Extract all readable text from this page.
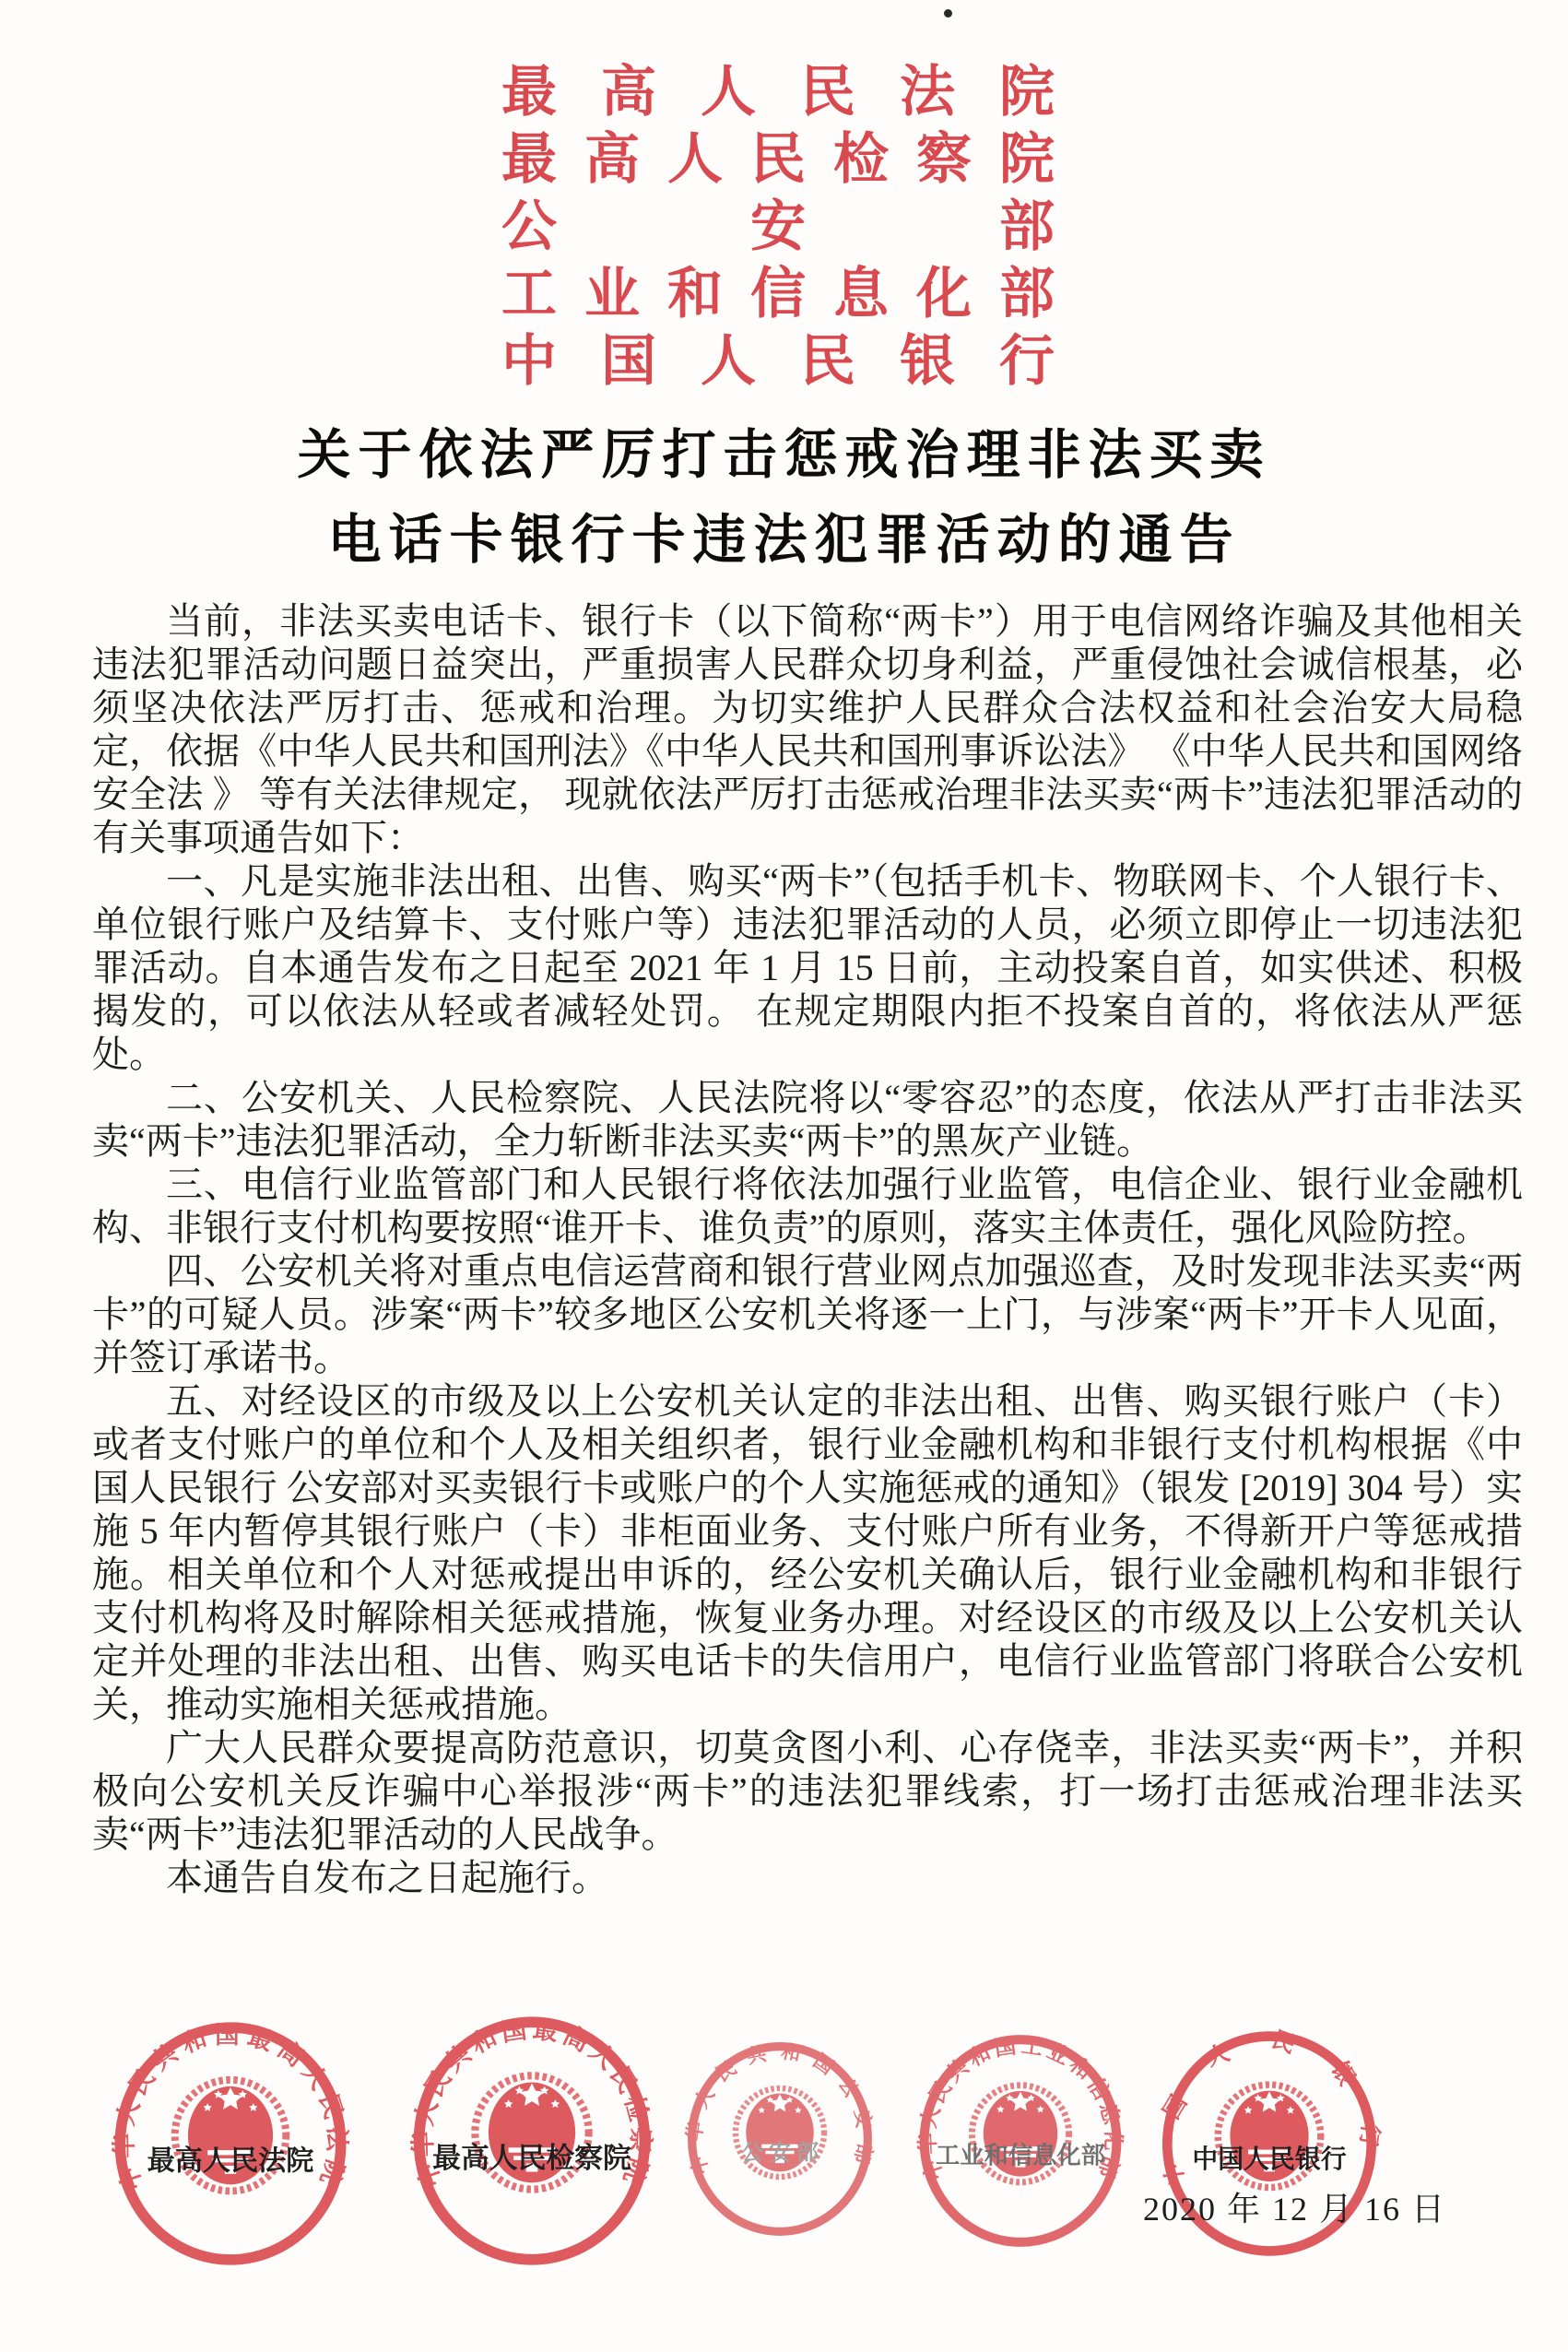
最 高 人 民 法 院
最 高 人 民 检 察 院
公	安	部
工 业 和 信 息 化 部
中 国 人 民 银 行
关于依法严厉打击惩戒治理非法买卖
电话卡银行卡违法犯罪活动的通告

当前，非法买卖电话卡、银行卡（以下简称“两卡”）用于电信网络诈骗及其他相关违法犯罪活动问题日益突出，严重损害人民群众切身利益，严重侵蚀社会诚信根基，必须坚决依法严厉打击、惩戒和治理。为切实维护人民群众合法权益和社会治安大局稳定，依据《中华人民共和国刑法》《中华人民共和国刑事诉讼法》 《中华人民共和国网络安全法 》 等有关法律规定， 现就依法严厉打击惩戒治理非法买卖“两卡”违法犯罪活动的有关事项通告如下：

一、凡是实施非法出租、出售、购买“两卡”（包括手机卡、物联网卡、个人银行卡、单位银行账户及结算卡、支付账户等）违法犯罪活动的人员，必须立即停止一切违法犯罪活动。自本通告发布之日起至 2021 年 1 月 15 日前，主动投案自首，如实供述、积极揭发的，可以依法从轻或者减轻处罚。 在规定期限内拒不投案自首的，将依法从严惩处。

二、公安机关、人民检察院、人民法院将以“零容忍”的态度，依法从严打击非法买卖“两卡”违法犯罪活动，全力斩断非法买卖“两卡”的黑灰产业链。

三、电信行业监管部门和人民银行将依法加强行业监管，电信企业、银行业金融机构、非银行支付机构要按照“谁开卡、谁负责”的原则，落实主体责任，强化风险防控。

四、公安机关将对重点电信运营商和银行营业网点加强巡查，及时发现非法买卖“两卡”的可疑人员。涉案“两卡”较多地区公安机关将逐一上门，与涉案“两卡”开卡人见面，并签订承诺书。

五、对经设区的市级及以上公安机关认定的非法出租、出售、购买银行账户（卡）或者支付账户的单位和个人及相关组织者，银行业金融机构和非银行支付机构根据《中国人民银行 公安部对买卖银行卡或账户的个人实施惩戒的通知》（银发 [2019] 304 号）实施 5 年内暂停其银行账户（卡）非柜面业务、支付账户所有业务，不得新开户等惩戒措施。相关单位和个人对惩戒提出申诉的，经公安机关确认后，银行业金融机构和非银行支付机构将及时解除相关惩戒措施，恢复业务办理。对经设区的市级及以上公安机关认定并处理的非法出租、出售、购买电话卡的失信用户，电信行业监管部门将联合公安机关，推动实施相关惩戒措施。

广大人民群众要提高防范意识，切莫贪图小利、心存侥幸，非法买卖“两卡”，并积极向公安机关反诈骗中心举报涉“两卡”的违法犯罪线索，打一场打击惩戒治理非法买卖“两卡”违法犯罪活动的人民战争。

本通告自发布之日起施行。

中华人民共和国最高人民法院
最高人民法院	中华人民共和国最高人民检察院
最高人民检察院 中华人民共和国公安部
公 安 部	中华人民共和国工业和信息化部
工业和信息化部 中国人民银行
中国人民银行
2020 年 12 月 16 日
